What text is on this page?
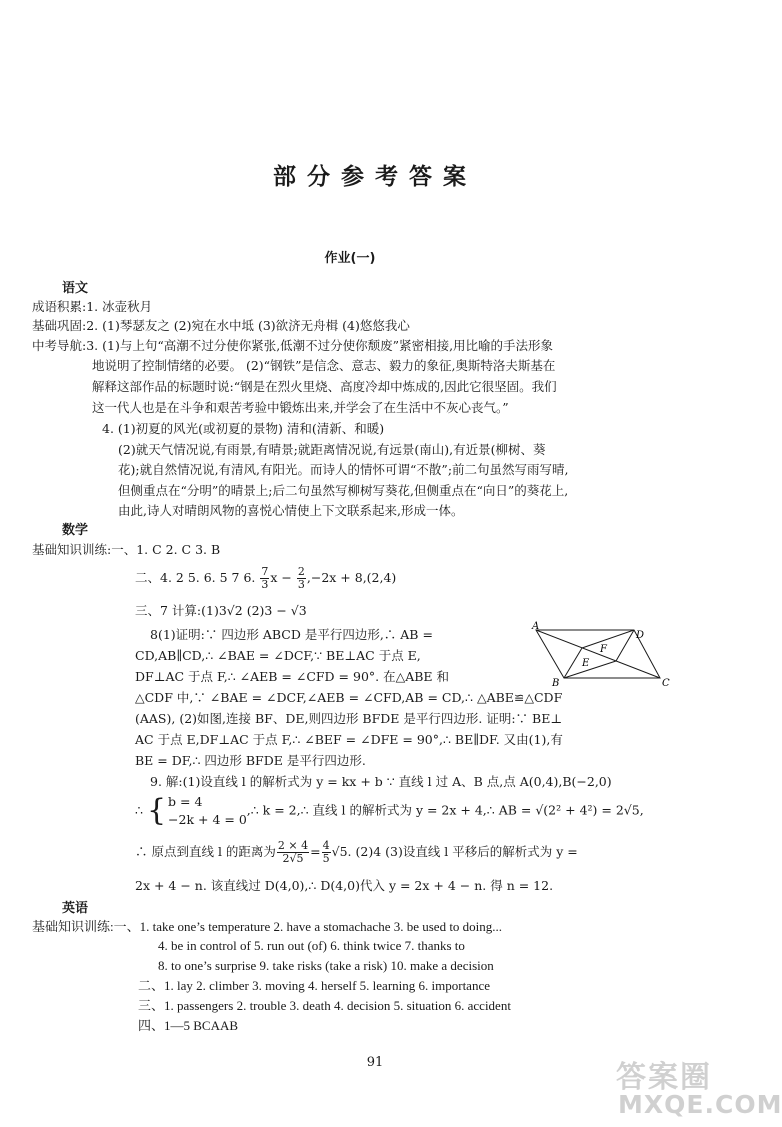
部分参考答案
作业(一)
语文
成语积累:1. 冰壶秋月
基础巩固:2. (1)琴瑟友之 (2)宛在水中坻 (3)欲济无舟楫 (4)悠悠我心
中考导航:3. (1)与上句“高潮不过分使你紧张,低潮不过分使你颓废”紧密相接,用比喻的手法形象
地说明了控制情绪的必要。 (2)“钢铁”是信念、意志、毅力的象征,奥斯特洛夫斯基在
解释这部作品的标题时说:“钢是在烈火里烧、高度冷却中炼成的,因此它很坚固。我们
这一代人也是在斗争和艰苦考验中锻炼出来,并学会了在生活中不灰心丧气。”
4. (1)初夏的风光(或初夏的景物) 清和(清新、和暖)
(2)就天气情况说,有雨景,有晴景;就距离情况说,有远景(南山),有近景(柳树、葵
花);就自然情况说,有清风,有阳光。而诗人的情怀可谓“不散”;前二句虽然写雨写晴,
但侧重点在“分明”的晴景上;后二句虽然写柳树写葵花,但侧重点在“向日”的葵花上,
由此,诗人对晴朗风物的喜悦心情使上下文联系起来,形成一体。
数学
基础知识训练:一、1. C 2. C 3. B
二、4. 2 5. 6. 5 7 6. $\frac{7}{3}$ $x - \frac{2}{3} ,-2x + 8,(2,4)$
三、7 计算:(1)3√2 (2)3 − √3
8(1)证明:∵ 四边形 ABCD 是平行四边形,∴ AB =
CD,AB∥CD,∴ ∠BAE = ∠DCF,∵ BE⊥AC 于点 E,
DF⊥AC 于点 F,∴ ∠AEB = ∠CFD = 90°. 在△ABE 和
△CDF 中,∵ ∠BAE = ∠DCF,∠AEB = ∠CFD,AB = CD,∴ △ABE≌△CDF
(AAS), (2)如图,连接 BF、DE,则四边形 BFDE 是平行四边形. 证明:∵ BE⊥
AC 于点 E,DF⊥AC 于点 F,∴ ∠BEF = ∠DFE = 90°,∴ BE∥DF. 又由(1),有
BE = DF,∴ 四边形 BFDE 是平行四边形.
9. 解:(1)设直线 l 的解析式为 y = kx + b ∵ 直线 l 过 A、B 点,点 A(0,4),B(−2,0)
∴ { b = 4
−2k + 4 = 0
,∴ k = 2,∴ 直线 l 的解析式为 y = 2x + 4,∴ AB = √(2² + 4²) = 2√5,
∴ 原点到直线 l 的距离为 $\frac{2 \times 4}{2√5} = \frac{4}{5} √5$. (2)4 (3)设直线 l 平移后的解析式为 y =
2x + 4 − n. 该直线过 D(4,0),∴ D(4,0)代入 y = 2x + 4 − n. 得 n = 12.
A
D
C
B
E
F
英语
基础知识训练:一、1. take one’s temperature 2. have a stomachache 3. be used to doing...
4. be in control of 5. run out (of) 6. think twice 7. thanks to
8. to one’s surprise 9. take risks (take a risk) 10. make a decision
二、1. lay 2. climber 3. moving 4. herself 5. learning 6. importance
三、1. passengers 2. trouble 3. death 4. decision 5. situation 6. accident
四、1—5 BCAAB
91	答案圈
MXQE.COM
